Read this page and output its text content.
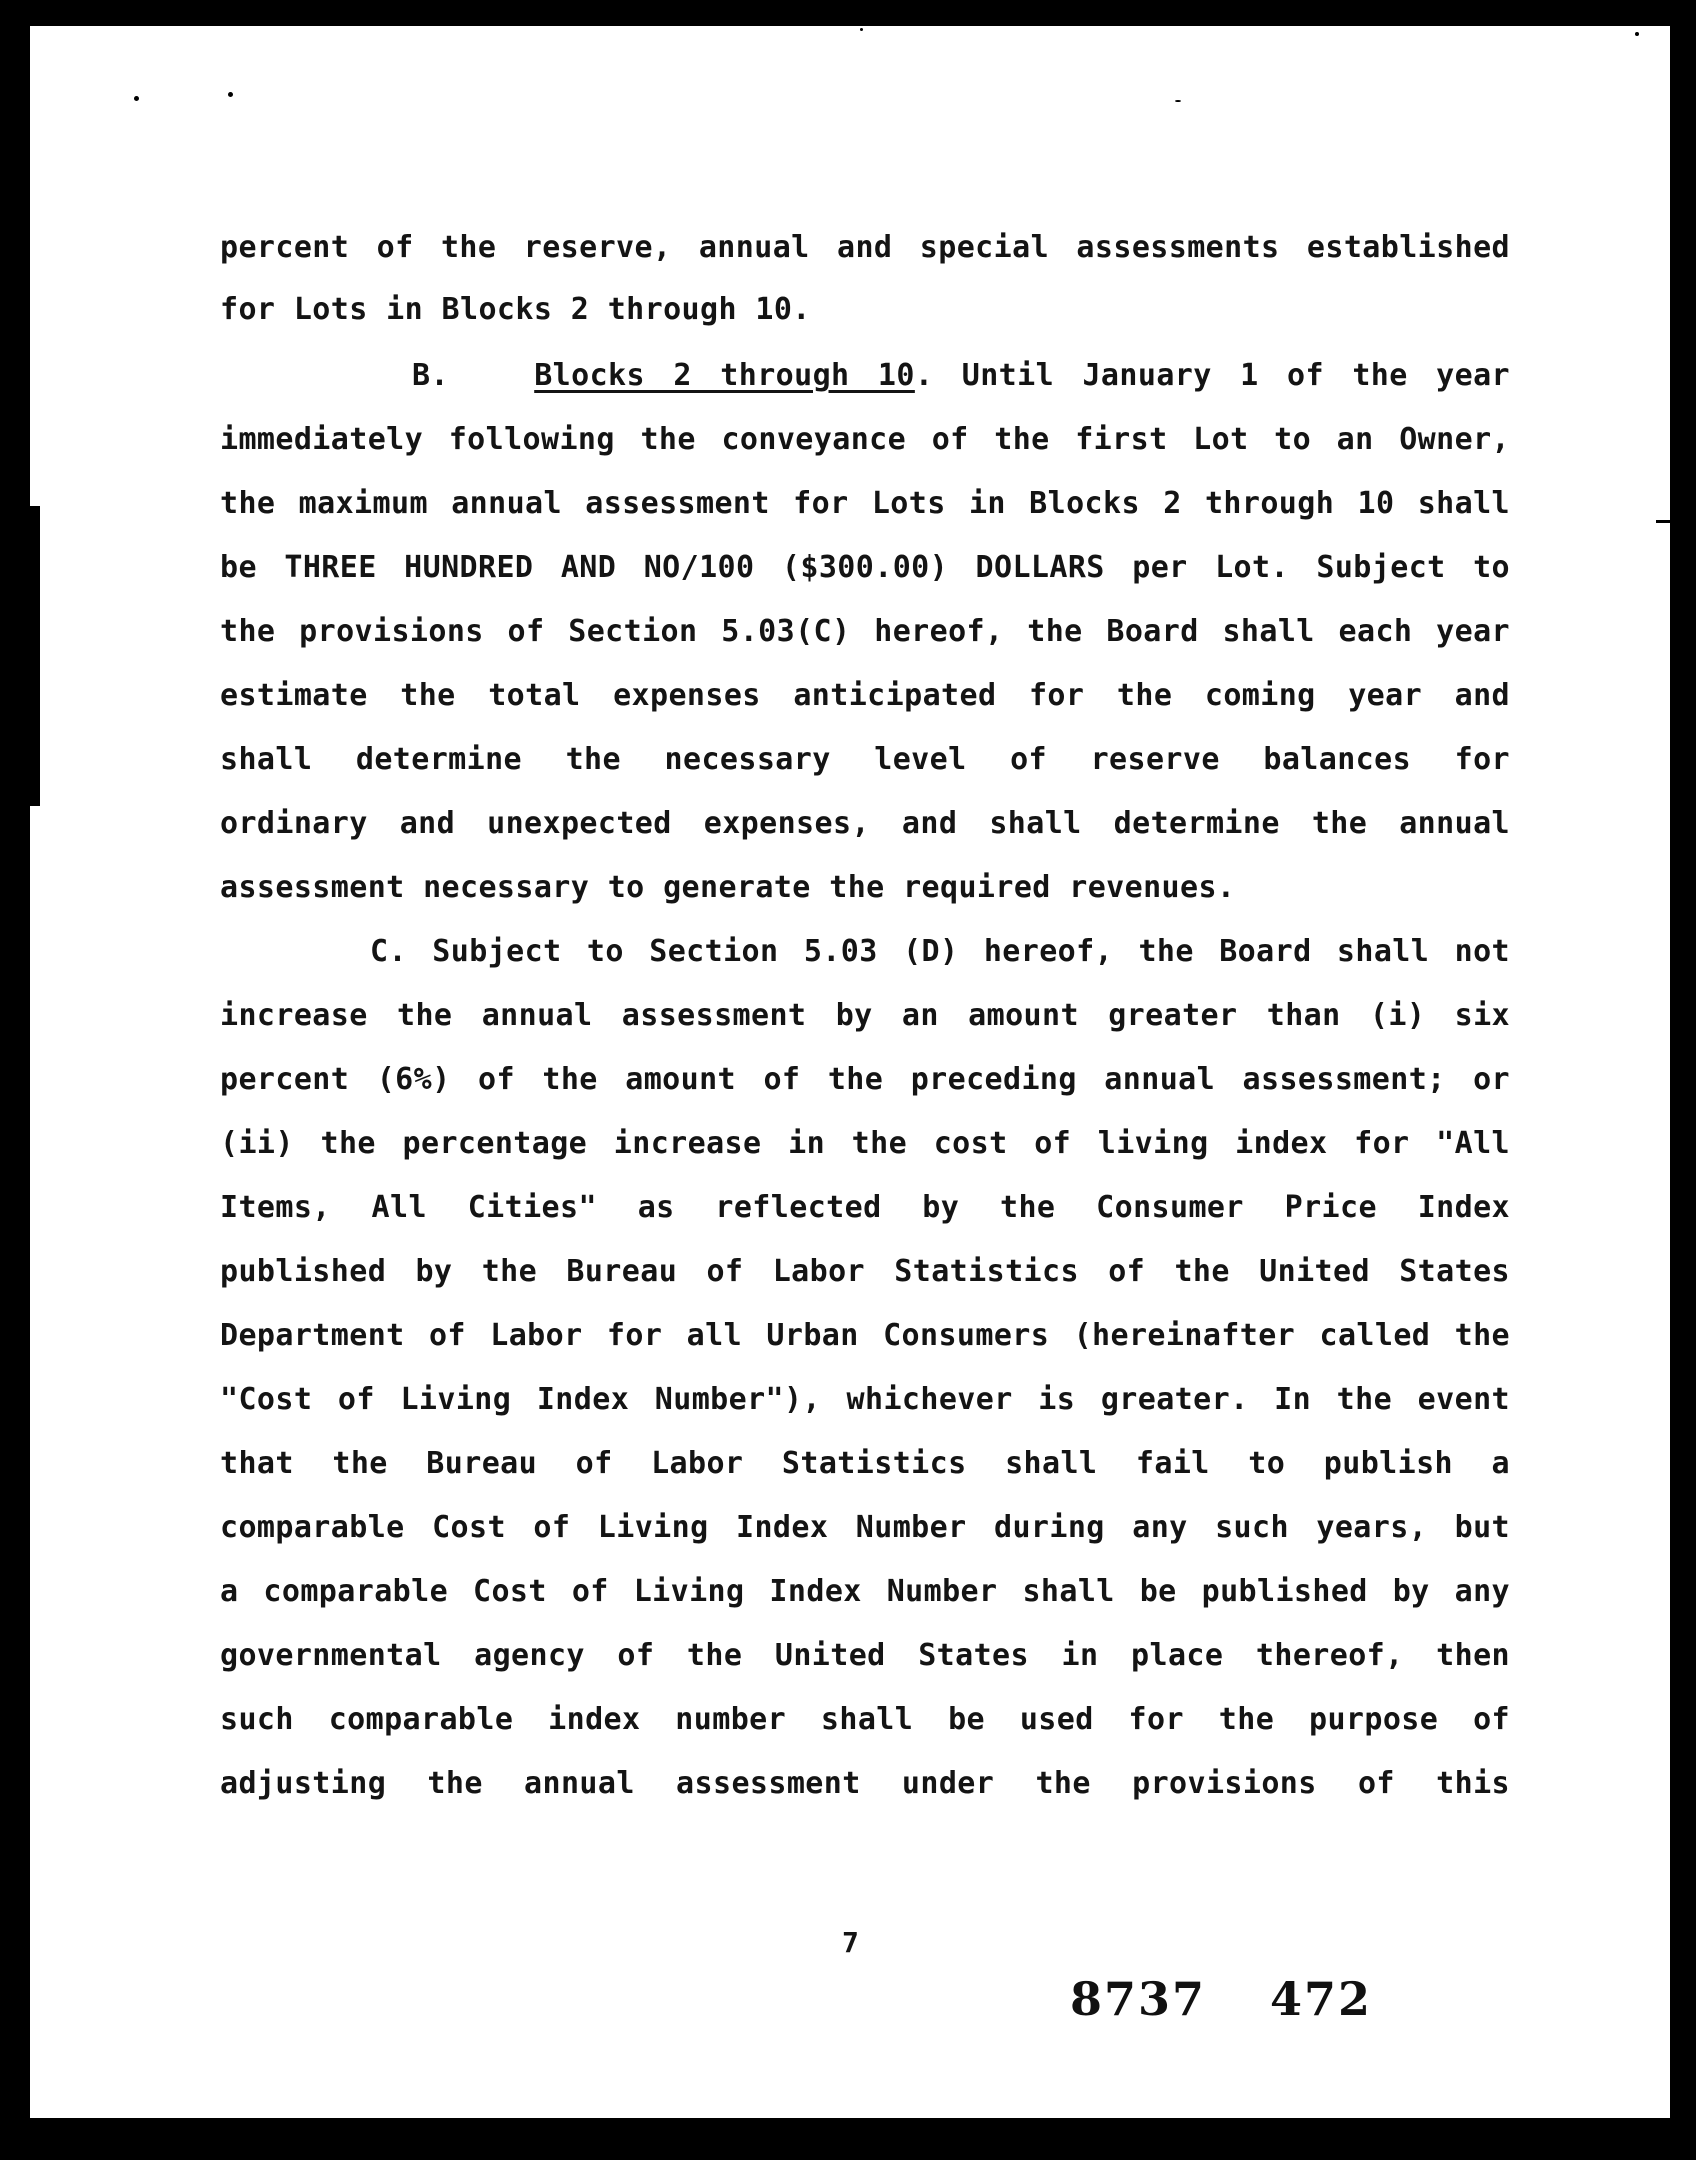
percent of the reserve, annual and special assessments established

for Lots in Blocks 2 through 10.

B.	Blocks 2 through 10. Until January 1 of the year

immediately following the conveyance of the first Lot to an Owner,

the maximum annual assessment for Lots in Blocks 2 through 10 shall

be THREE HUNDRED AND NO/100 ($300.00) DOLLARS per Lot. Subject to

the provisions of Section 5.03(C) hereof, the Board shall each year

estimate the total expenses anticipated for the coming year and

shall determine the necessary level of reserve balances for

ordinary and unexpected expenses, and shall determine the annual

assessment necessary to generate the required revenues.

C. Subject to Section 5.03 (D) hereof, the Board shall not

increase the annual assessment by an amount greater than (i) six

percent (6%) of the amount of the preceding annual assessment; or

(ii) the percentage increase in the cost of living index for "All

Items, All Cities" as reflected by the Consumer Price Index

published by the Bureau of Labor Statistics of the United States

Department of Labor for all Urban Consumers (hereinafter called the

"Cost of Living Index Number"), whichever is greater. In the event

that the Bureau of Labor Statistics shall fail to publish a

comparable Cost of Living Index Number during any such years, but

a comparable Cost of Living Index Number shall be published by any

governmental agency of the United States in place thereof, then

such comparable index number shall be used for the purpose of

adjusting the annual assessment under the provisions of this

7
8737 472
